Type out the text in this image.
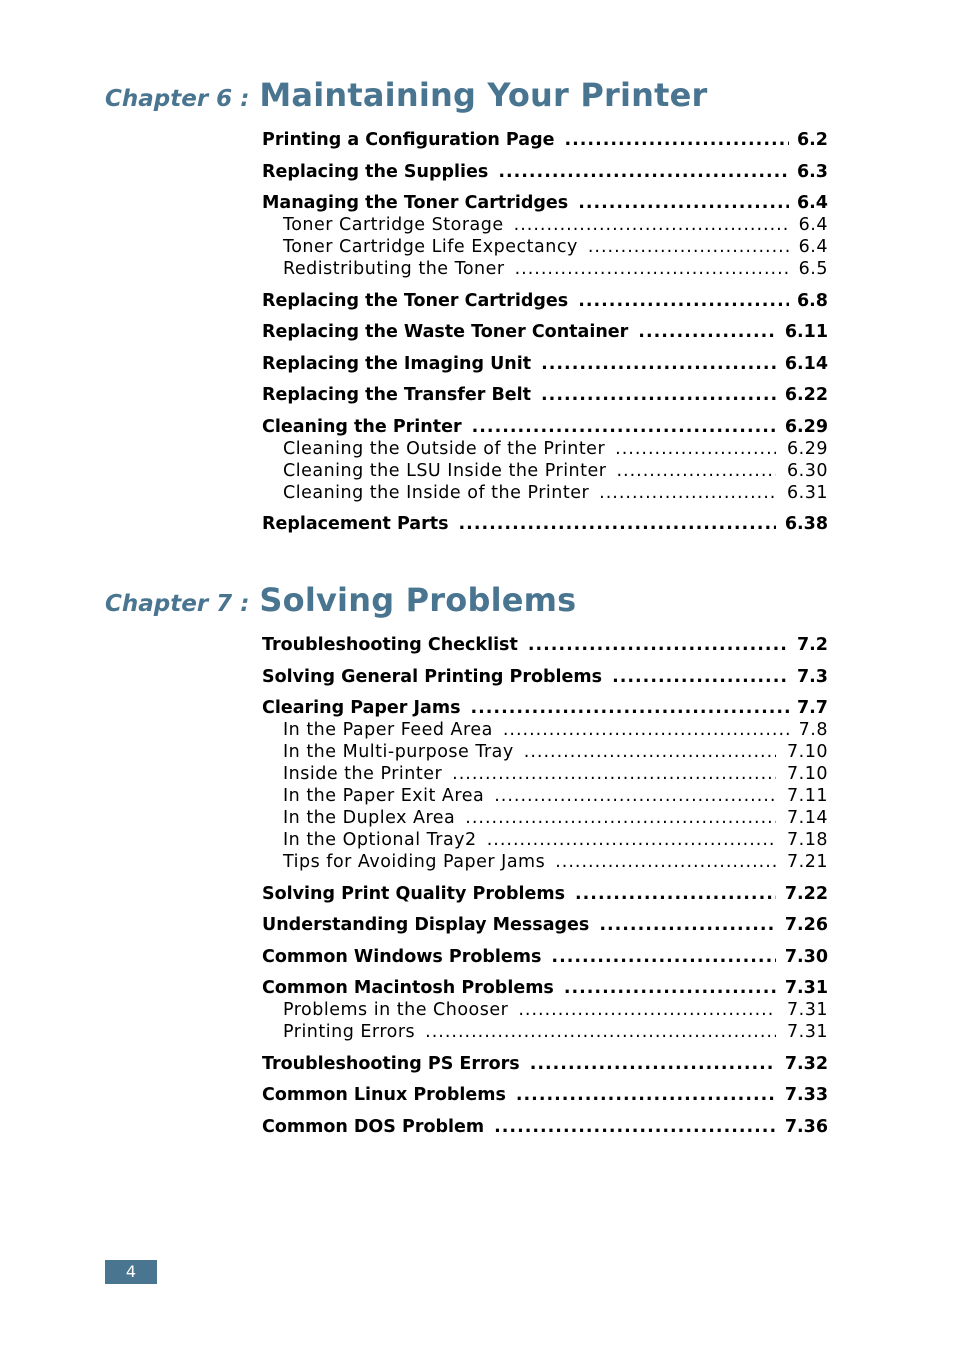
Chapter 6 : Maintaining Your Printer
Printing a Configuration Page .....	6.2
Replacing the Supplies .....	6.3
Managing the Toner Cartridges .....	6.4
Toner Cartridge Storage .....	6.4
Toner Cartridge Life Expectancy .....	6.4
Redistributing the Toner .....	6.5
Replacing the Toner Cartridges .....	6.8
Replacing the Waste Toner Container .....	6.11
Replacing the Imaging Unit .....	6.14
Replacing the Transfer Belt .....	6.22
Cleaning the Printer .....	6.29
Cleaning the Outside of the Printer .....	6.29
Cleaning the LSU Inside the Printer .....	6.30
Cleaning the Inside of the Printer .....	6.31
Replacement Parts .....	6.38
Chapter 7 : Solving Problems
Troubleshooting Checklist .....	7.2
Solving General Printing Problems .....	7.3
Clearing Paper Jams .....	7.7
In the Paper Feed Area .....	7.8
In the Multi-purpose Tray .....	7.10
Inside the Printer .....	7.10
In the Paper Exit Area .....	7.11
In the Duplex Area .....	7.14
In the Optional Tray2 .....	7.18
Tips for Avoiding Paper Jams .....	7.21
Solving Print Quality Problems .....	7.22
Understanding Display Messages .....	7.26
Common Windows Problems .....	7.30
Common Macintosh Problems .....	7.31
Problems in the Chooser .....	7.31
Printing Errors .....	7.31
Troubleshooting PS Errors .....	7.32
Common Linux Problems .....	7.33
Common DOS Problem .....	7.36
4
